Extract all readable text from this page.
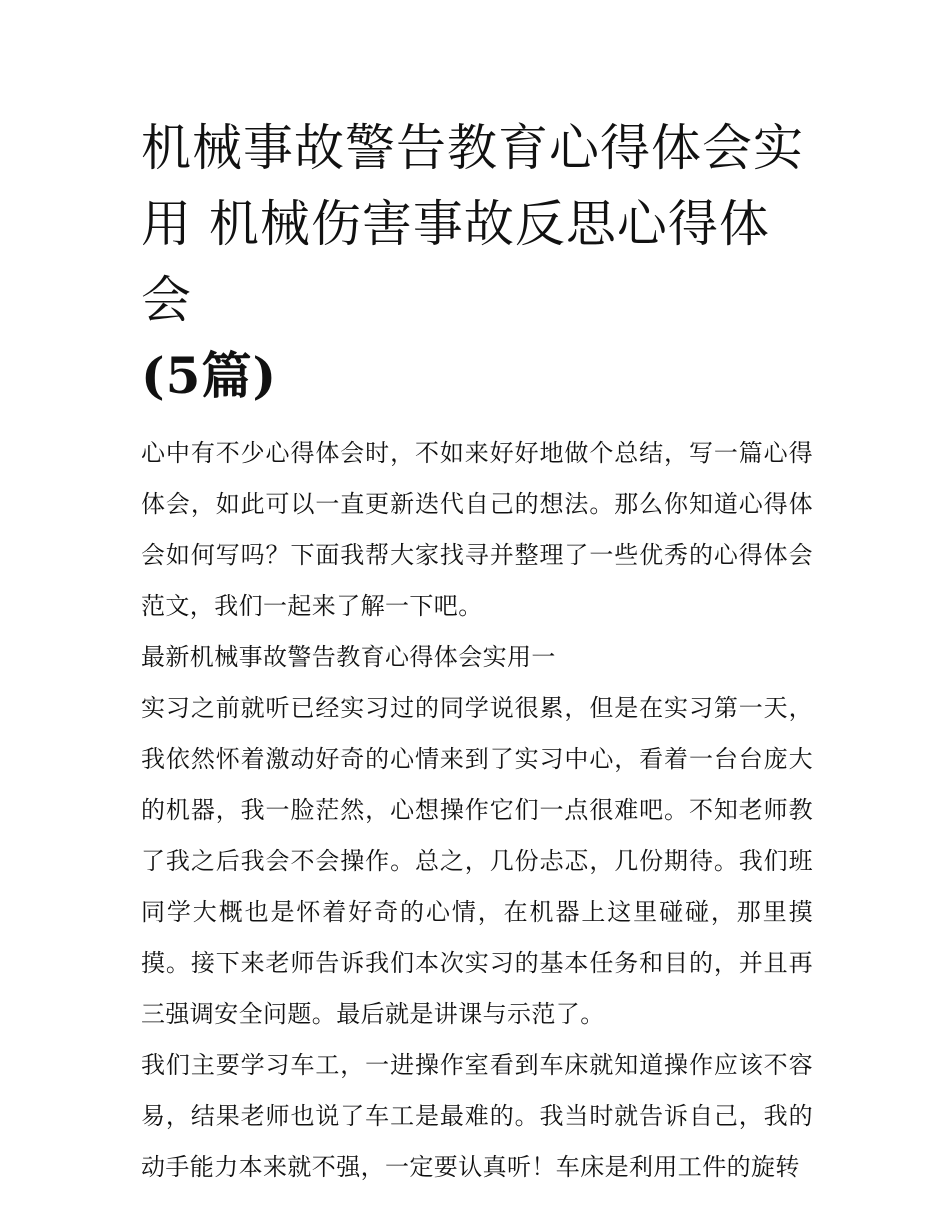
机械事故警告教育心得体会实用 机械伤害事故反思心得体会
(5篇)

心中有不少心得体会时，不如来好好地做个总结，写一篇心得体会，如此可以一直更新迭代自己的想法。那么你知道心得体会如何写吗？下面我帮大家找寻并整理了一些优秀的心得体会范文，我们一起来了解一下吧。

最新机械事故警告教育心得体会实用一

实习之前就听已经实习过的同学说很累，但是在实习第一天，我依然怀着激动好奇的心情来到了实习中心，看着一台台庞大的机器，我一脸茫然，心想操作它们一点很难吧。不知老师教了我之后我会不会操作。总之，几份忐忑，几份期待。我们班同学大概也是怀着好奇的心情，在机器上这里碰碰，那里摸摸。接下来老师告诉我们本次实习的基本任务和目的，并且再三强调安全问题。最后就是讲课与示范了。

我们主要学习车工，一进操作室看到车床就知道操作应该不容易，结果老师也说了车工是最难的。我当时就告诉自己，我的动手能力本来就不强，一定要认真听！车床是利用工件的旋转
